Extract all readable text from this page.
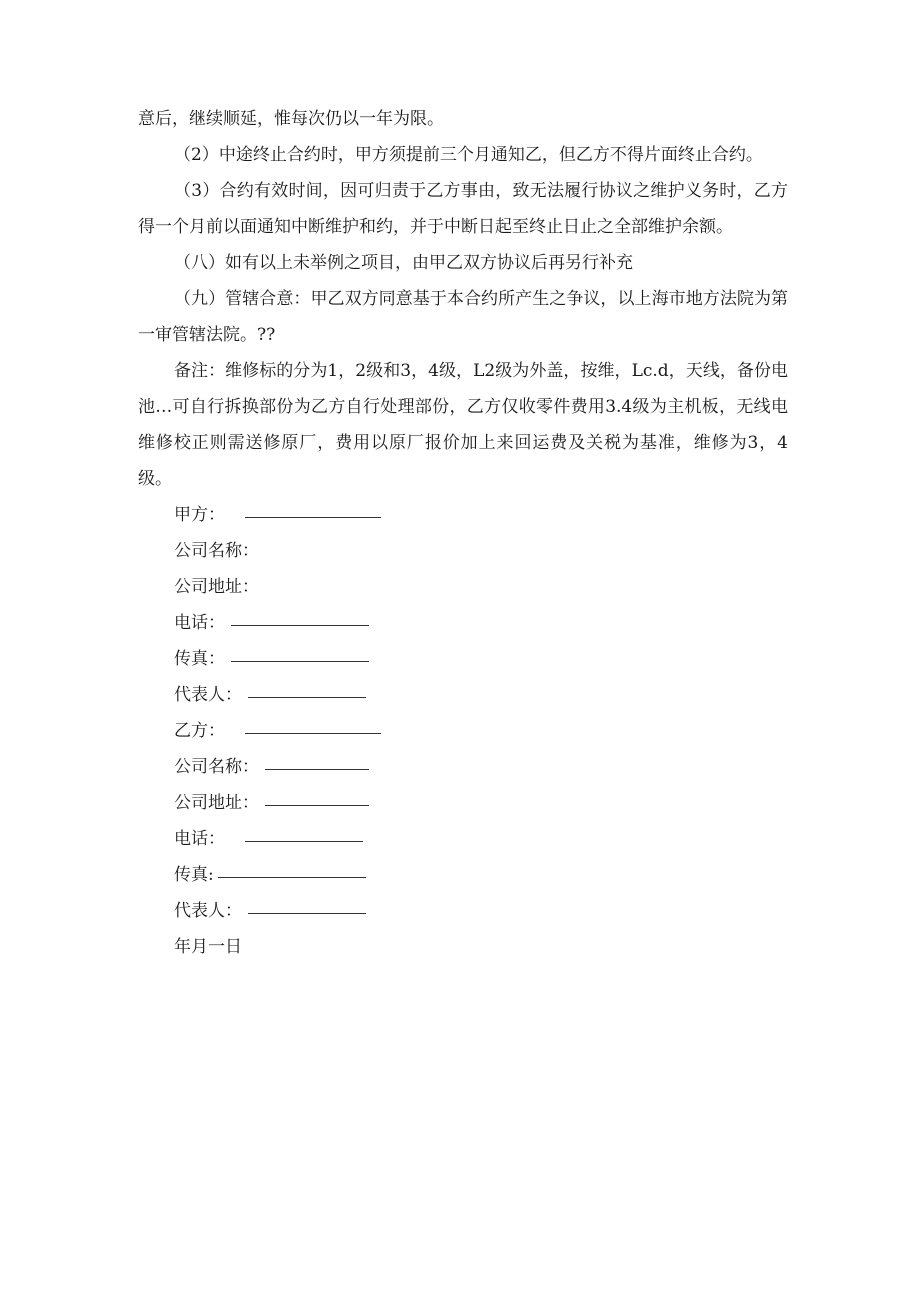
意后，继续顺延，惟每次仍以一年为限。

（2）中途终止合约时，甲方须提前三个月通知乙，但乙方不得片面终止合约。

（3）合约有效时间，因可归责于乙方事由，致无法履行协议之维护义务时，乙方得一个月前以面通知中断维护和约，并于中断日起至终止日止之全部维护余额。

（八）如有以上未举例之项目，由甲乙双方协议后再另行补充

（九）管辖合意：甲乙双方同意基于本合约所产生之争议，以上海市地方法院为第一审管辖法院。??

备注：维修标的分为1，2级和3，4级，L2级为外盖，按维，Lc.d，天线，备份电池…可自行拆换部份为乙方自行处理部份，乙方仅收零件费用3.4级为主机板，无线电维修校正则需送修原厂，费用以原厂报价加上来回运费及关税为基准，维修为3，4级。

甲方：
公司名称：
公司地址：
电话：
传真：
代表人：
乙方：
公司名称：
公司地址：
电话：
传真:
代表人：
年月一日
